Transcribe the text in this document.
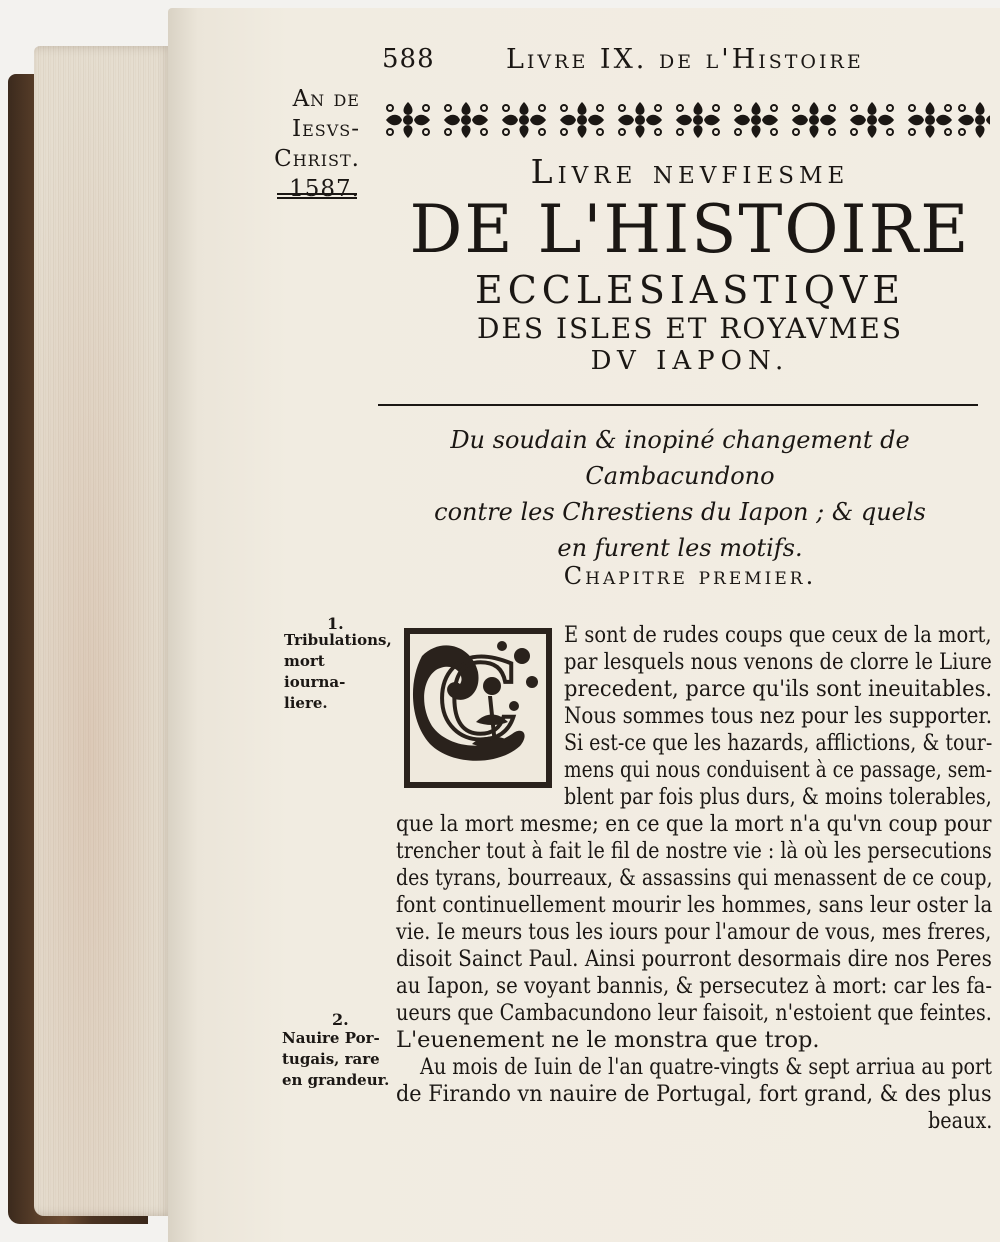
588	Livre IX. de l'Histoire
An de
Iesvs-
Christ.
1587.	Livre nevfiesme
DE L'HISTOIRE
ECCLESIASTIQVE
DES ISLES ET ROYAVMES
DV IAPON.
Du soudain & inopiné changement de Cambacundono
contre les Chrestiens du Iapon ; & quels
en furent les motifs.
Chapitre premier.
1.
Tribulations,
mort iourna-
liere.
2.
Nauire Por-
tugais, rare
en grandeur.
C
E sont de rudes coups que ceux de la mort,
par lesquels nous venons de clorre le Liure
precedent, parce qu'ils sont ineuitables.
Nous sommes tous nez pour les supporter.
Si est-ce que les hazards, afflictions, & tour-
mens qui nous conduisent à ce passage, sem-
blent par fois plus durs, & moins tolerables,
que la mort mesme; en ce que la mort n'a qu'vn coup pour
trencher tout à fait le fil de nostre vie : là où les persecutions
des tyrans, bourreaux, & assassins qui menassent de ce coup,
font continuellement mourir les hommes, sans leur oster la
vie. Ie meurs tous les iours pour l'amour de vous, mes freres,
disoit Sainct Paul. Ainsi pourront desormais dire nos Peres
au Iapon, se voyant bannis, & persecutez à mort: car les fa-
ueurs que Cambacundono leur faisoit, n'estoient que feintes.
L'euenement ne le monstra que trop.
Au mois de Iuin de l'an quatre-vingts & sept arriua au port
de Firando vn nauire de Portugal, fort grand, & des plus
beaux.
